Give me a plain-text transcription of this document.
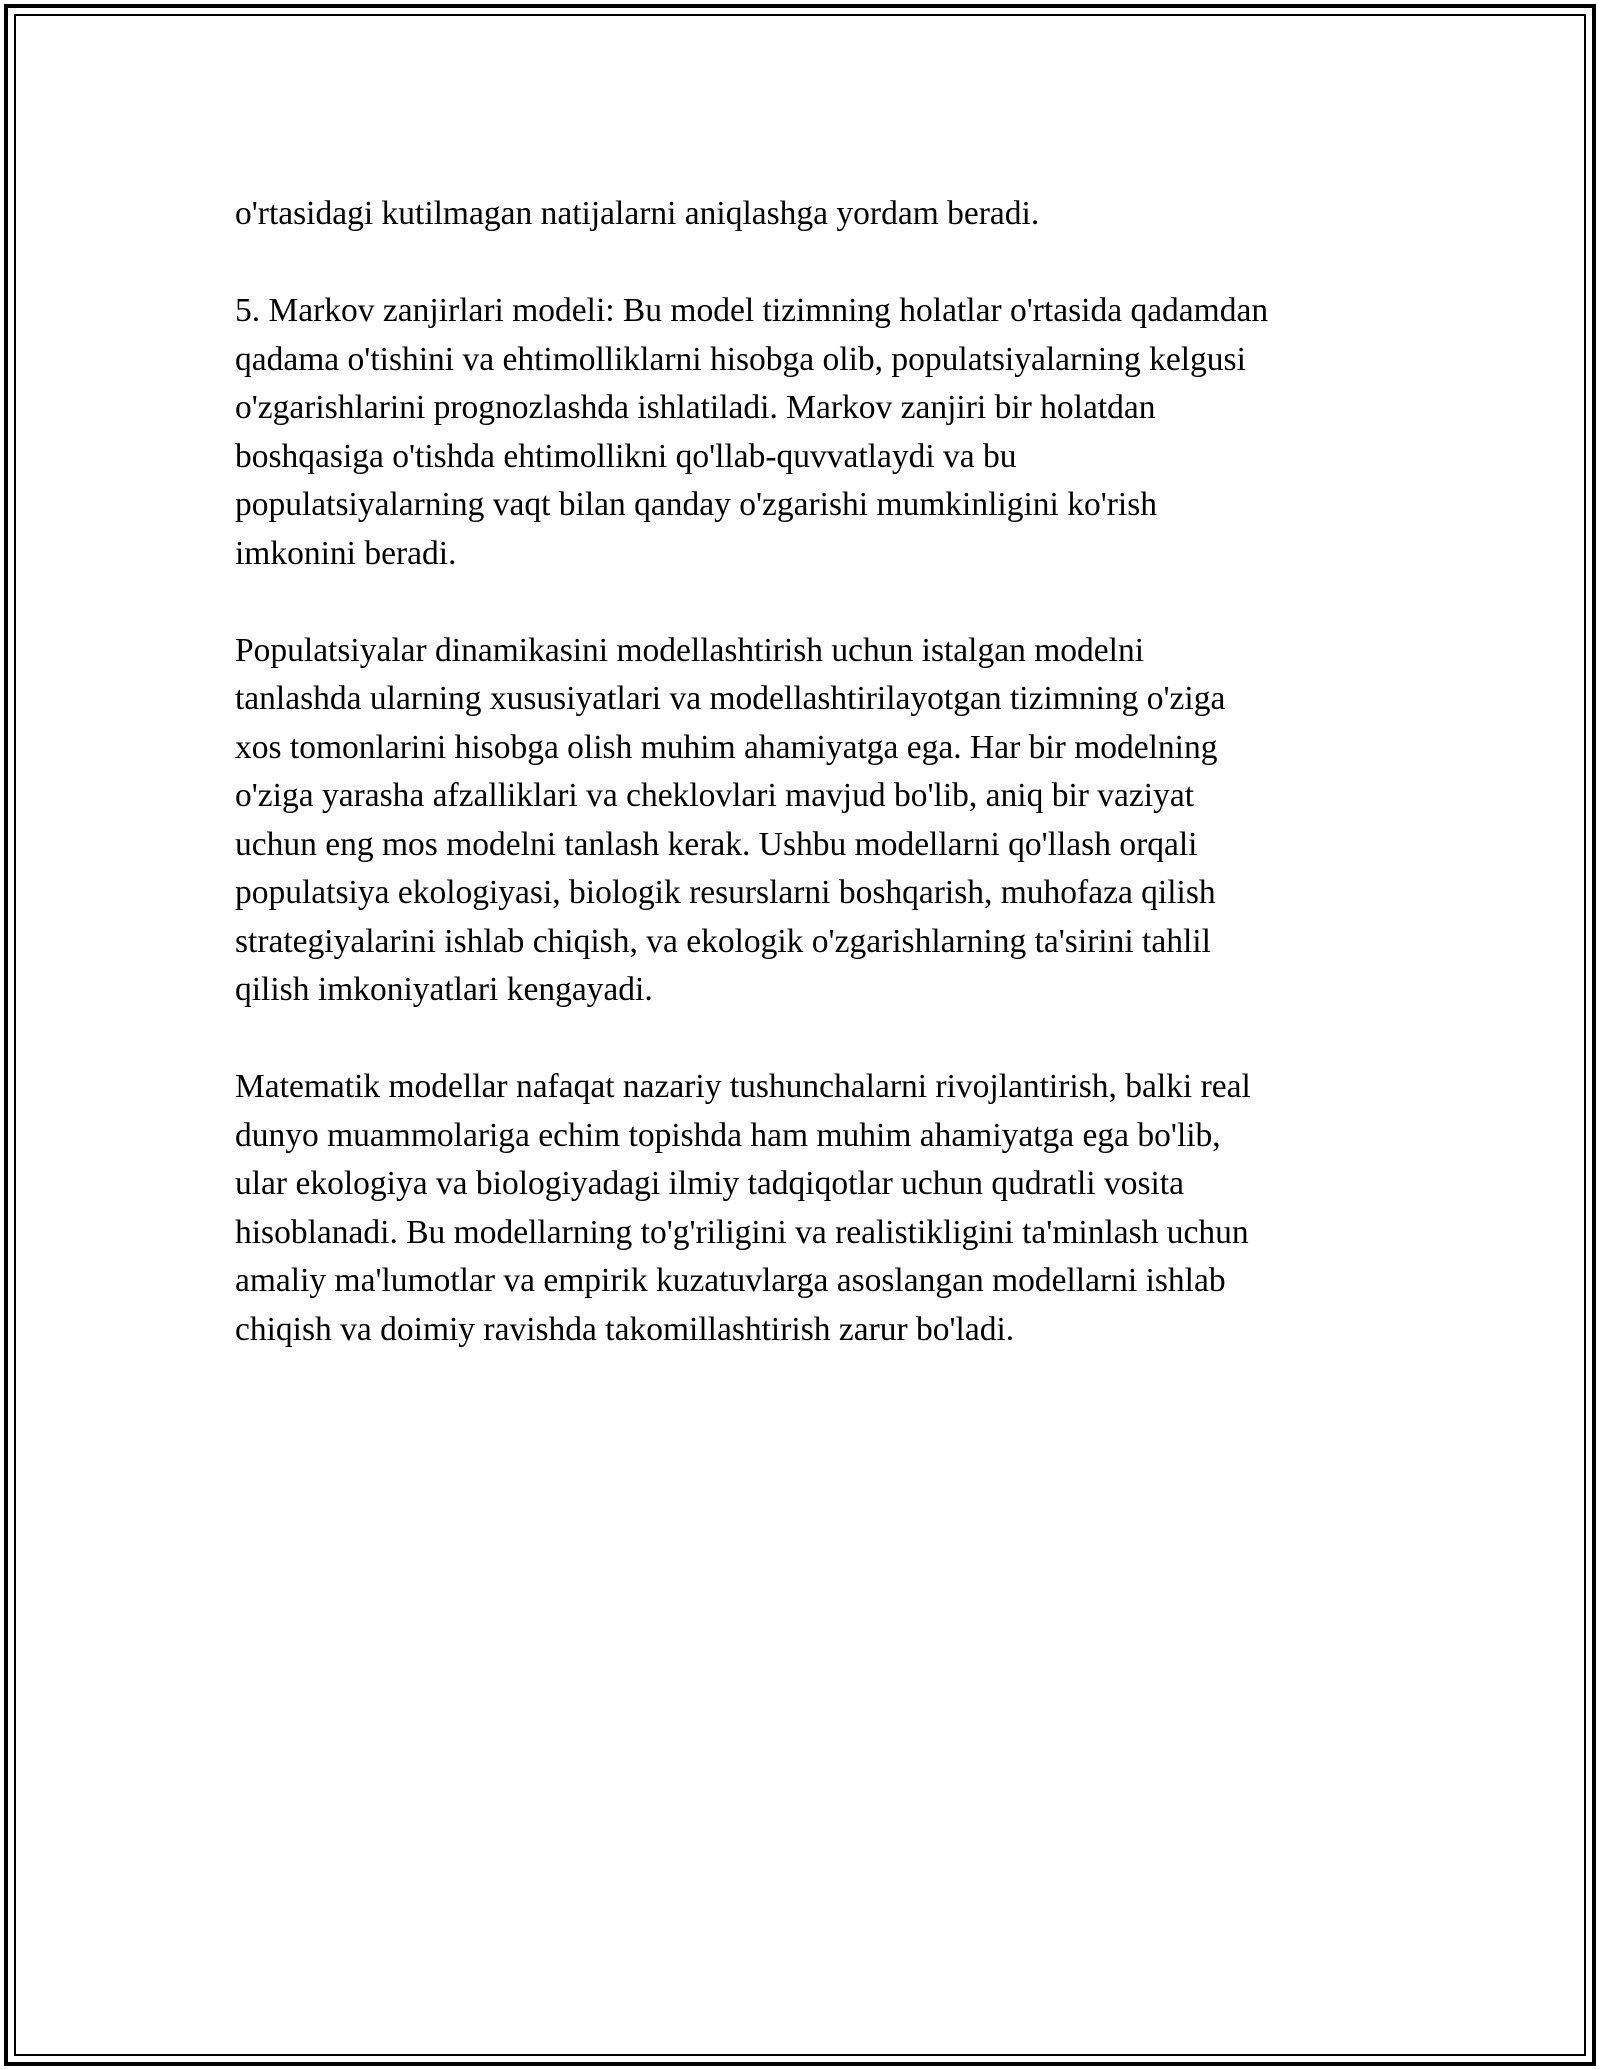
o'rtasidagi kutilmagan natijalarni aniqlashga yordam beradi.

5. Markov zanjirlari modeli: Bu model tizimning holatlar o'rtasida qadamdan
qadama o'tishini va ehtimolliklarni hisobga olib, populatsiyalarning kelgusi
o'zgarishlarini prognozlashda ishlatiladi. Markov zanjiri bir holatdan
boshqasiga o'tishda ehtimollikni qo'llab-quvvatlaydi va bu
populatsiyalarning vaqt bilan qanday o'zgarishi mumkinligini ko'rish
imkonini beradi.

Populatsiyalar dinamikasini modellashtirish uchun istalgan modelni
tanlashda ularning xususiyatlari va modellashtirilayotgan tizimning o'ziga
xos tomonlarini hisobga olish muhim ahamiyatga ega. Har bir modelning
o'ziga yarasha afzalliklari va cheklovlari mavjud bo'lib, aniq bir vaziyat
uchun eng mos modelni tanlash kerak. Ushbu modellarni qo'llash orqali
populatsiya ekologiyasi, biologik resurslarni boshqarish, muhofaza qilish
strategiyalarini ishlab chiqish, va ekologik o'zgarishlarning ta'sirini tahlil
qilish imkoniyatlari kengayadi.

Matematik modellar nafaqat nazariy tushunchalarni rivojlantirish, balki real
dunyo muammolariga echim topishda ham muhim ahamiyatga ega bo'lib,
ular ekologiya va biologiyadagi ilmiy tadqiqotlar uchun qudratli vosita
hisoblanadi. Bu modellarning to'g'riligini va realistikligini ta'minlash uchun
amaliy ma'lumotlar va empirik kuzatuvlarga asoslangan modellarni ishlab
chiqish va doimiy ravishda takomillashtirish zarur bo'ladi.
